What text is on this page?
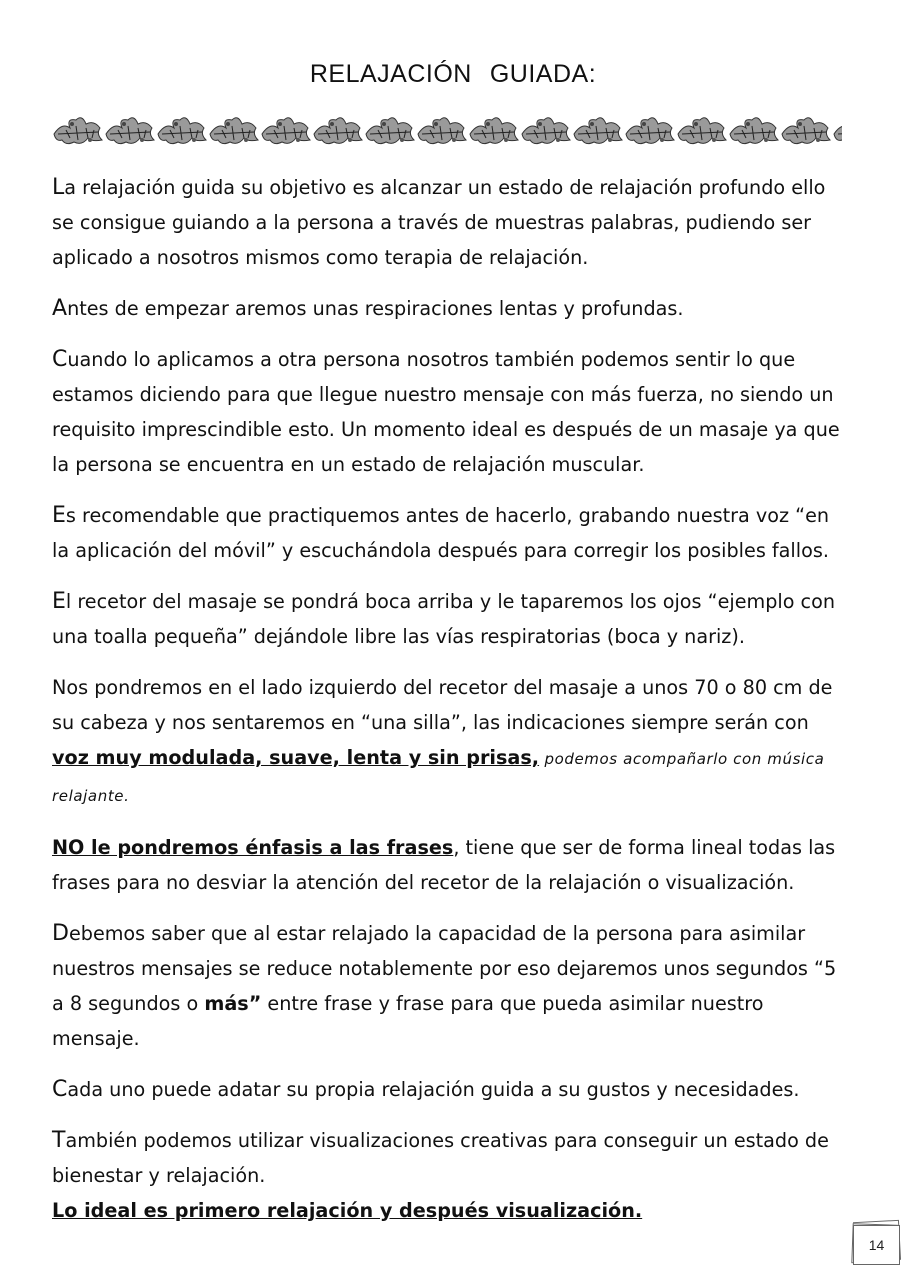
RELAJACIÓN GUIADA:

La relajación guida su objetivo es alcanzar un estado de relajación profundo ello se consigue guiando a la persona a través de muestras palabras, pudiendo ser aplicado a nosotros mismos como terapia de relajación.

Antes de empezar aremos unas respiraciones lentas y profundas.

Cuando lo aplicamos a otra persona nosotros también podemos sentir lo que estamos diciendo para que llegue nuestro mensaje con más fuerza, no siendo un requisito imprescindible esto. Un momento ideal es después de un masaje ya que la persona se encuentra en un estado de relajación muscular.

Es recomendable que practiquemos antes de hacerlo, grabando nuestra voz “en la aplicación del móvil” y escuchándola después para corregir los posibles fallos.

El recetor del masaje se pondrá boca arriba y le taparemos los ojos “ejemplo con una toalla pequeña” dejándole libre las vías respiratorias (boca y nariz).

Nos pondremos en el lado izquierdo del recetor del masaje a unos 70 o 80 cm de su cabeza y nos sentaremos en “una silla”, las indicaciones siempre serán con voz muy modulada, suave, lenta y sin prisas, podemos acompañarlo con música relajante.

NO le pondremos énfasis a las frases, tiene que ser de forma lineal todas las frases para no desviar la atención del recetor de la relajación o visualización.

Debemos saber que al estar relajado la capacidad de la persona para asimilar nuestros mensajes se reduce notablemente por eso dejaremos unos segundos “5 a 8 segundos o más” entre frase y frase para que pueda asimilar nuestro mensaje.

Cada uno puede adatar su propia relajación guida a su gustos y necesidades.

También podemos utilizar visualizaciones creativas para conseguir un estado de bienestar y relajación.

Lo ideal es primero relajación y después visualización.

14
